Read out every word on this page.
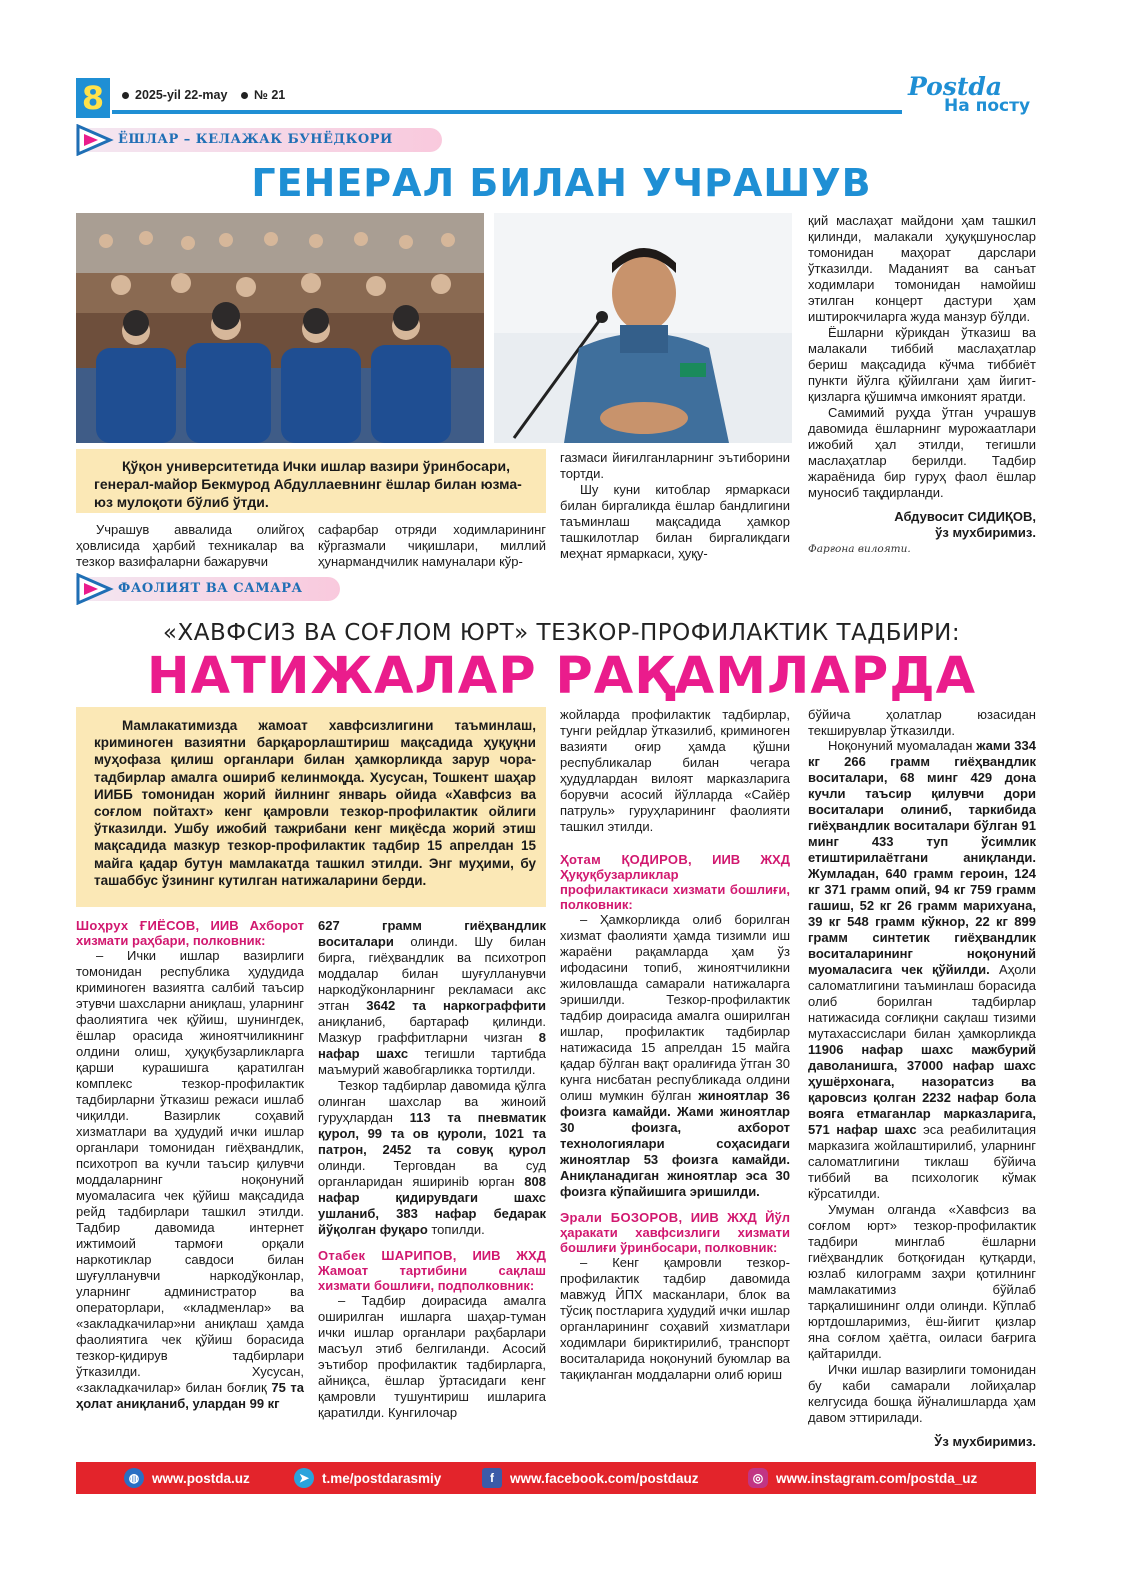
8	2025-yil 22-may № 21	Postda
На посту
ЁШЛАР – КЕЛАЖАК БУНЁДКОРИ
ГЕНЕРАЛ БИЛАН УЧРАШУВ
Қўқон университетида Ички ишлар вазири ўринбосари, генерал-майор Бекмурод Абдуллаевнинг ёшлар билан юзма-юз мулоқоти бўлиб ўтди.

Учрашув аввалида олийгоҳ ҳовлисида ҳарбий техникалар ва тезкор вазифаларни бажарувчи

сафарбар отряди ходимларининг кўргазмали чиқишлари, миллий ҳунармандчилик намуналари кўр-

газмаси йиғилганларнинг эътиборини тортди.

Шу куни китоблар ярмаркаси билан биргаликда ёшлар бандлигини таъминлаш мақсадида ҳамкор ташкилотлар билан биргаликдаги меҳнат ярмаркаси, ҳуқу-

қий маслаҳат майдони ҳам ташкил қилинди, малакали ҳуқуқшунослар томонидан маҳорат дарслари ўтказилди. Маданият ва санъат ходимлари томонидан намойиш этилган концерт дастури ҳам иштирокчиларга жуда манзур бўлди.

Ёшларни кўрикдан ўтказиш ва малакали тиббий маслаҳатлар бериш мақсадида кўчма тиббиёт пункти йўлга қўйилгани ҳам йигит-қизларга қўшимча имконият яратди.

Самимий руҳда ўтган учрашув давомида ёшларнинг мурожаатлари ижобий ҳал этилди, тегишли маслаҳатлар берилди. Тадбир жараёнида бир гуруҳ фаол ёшлар муносиб тақдирланди.

Абдувосит СИДИҚОВ,
ўз мухбиримиз.
Фарғона вилояти.
ФАОЛИЯТ ВА САМАРА
«ХАВФСИЗ ВА СОҒЛОМ ЮРТ» ТЕЗКОР-ПРОФИЛАКТИК ТАДБИРИ:
НАТИЖАЛАР РАҚАМЛАРДА
Мамлакатимизда жамоат хавфсизлигини таъминлаш, криминоген вазиятни барқарорлаштириш мақсадида ҳуқуқни муҳофаза қилиш органлари билан ҳамкорликда зарур чора-тадбирлар амалга ошириб келинмоқда. Хусусан, Тошкент шаҳар ИИББ томонидан жорий йилнинг январь ойида «Хавфсиз ва соғлом пойтахт» кенг қамровли тезкор-профилактик ойлиги ўтказилди. Ушбу ижобий тажрибани кенг миқёсда жорий этиш мақсадида мазкур тезкор-профилактик тадбир 15 апрелдан 15 майга қадар бутун мамлакатда ташкил этилди. Энг муҳими, бу ташаббус ўзининг кутилган натижаларини берди.

жойларда профилактик тадбирлар, тунги рейдлар ўтказилиб, криминоген вазияти оғир ҳамда қўшни республикалар билан чегара ҳудудлардан вилоят марказларига борувчи асосий йўлларда «Сайёр патруль» гуруҳларининг фаолияти ташкил этилди.

бўйича ҳолатлар юзасидан текширувлар ўтказилди.

Шоҳрух ҒИЁСОВ, ИИВ Ахборот хизмати раҳбари, полковник:

– Ички ишлар вазирлиги томонидан республика ҳудудида криминоген вазиятга салбий таъсир этувчи шахсларни аниқлаш, уларнинг фаолиятига чек қўйиш, шунингдек, ёшлар орасида жиноятчиликнинг олдини олиш, ҳуқуқбузарликларга қарши курашишга қаратилган комплекс тезкор-профилактик тадбирларни ўтказиш режаси ишлаб чиқилди. Вазирлик соҳавий хизматлари ва ҳудудий ички ишлар органлари томонидан гиёҳвандлик, психотроп ва кучли таъсир қилувчи моддаларнинг ноқонуний муомаласига чек қўйиш мақсадида рейд тадбирлари ташкил этилди. Тадбир давомида интернет ижтимоий тармоғи орқали наркотиклар савдоси билан шуғулланувчи наркодўконлар, уларнинг администратор ва операторлари, «кладменлар» ва «закладкачилар»ни аниқлаш ҳамда фаолиятига чек қўйиш борасида тезкор-қидирув тадбирлари ўтказилди. Хусусан, «закладкачилар» билан боғлиқ 75 та ҳолат аниқланиб, улардан 99 кг

627 грамм гиёҳвандлик воситалари олинди. Шу билан бирга, гиёҳвандлик ва психотроп моддалар билан шуғулланувчи наркодўконларнинг рекламаси акс этган 3642 та наркограффити аниқланиб, бартараф қилинди. Мазкур граффитларни чизган 8 нафар шахс тегишли тартибда маъмурий жавобгарликка тортилди.

Тезкор тадбирлар давомида қўлга олинган шахслар ва жиноий гуруҳлардан 113 та пневматик қурол, 99 та ов қуроли, 1021 та патрон, 2452 та совуқ қурол олинди. Терговдан ва суд органларидан яширинib юрган 808 нафар қидирувдаги шахс ушланиб, 383 нафар бедарак йўқолган фуқаро топилди.

Отабек ШАРИПОВ, ИИВ ЖХД Жамоат тартибини сақлаш хизмати бошлиғи, подполковник:

– Тадбир доирасида амалга оширилган ишларга шаҳар-туман ички ишлар органлари раҳбарлари масъул этиб белгиланди. Асосий эътибор профилактик тадбирларга, айниқса, ёшлар ўртасидаги кенг қамровли тушунтириш ишларига қаратилди. Кунгилочар

Ҳотам ҚОДИРОВ, ИИВ ЖХД Ҳуқуқбузарликлар профилактикаси хизмати бошлиғи, полковник:

– Ҳамкорликда олиб борилган хизмат фаолияти ҳамда тизимли иш жараёни рақамларда ҳам ўз ифодасини топиб, жиноятчиликни жиловлашда самарали натижаларга эришилди. Тезкор-профилактик тадбир доирасида амалга оширилган ишлар, профилактик тадбирлар натижасида 15 апрелдан 15 майга қадар бўлган вақт оралиғида ўтган 30 кунга нисбатан республикада олдини олиш мумкин бўлган жиноятлар 36 фоизга камайди. Жами жиноятлар 30 фоизга, ахборот технологиялари соҳасидаги жиноятлар 53 фоизга камайди. Аниқланадиган жиноятлар эса 30 фоизга кўпайишига эришилди.

Эрали БОЗОРОВ, ИИВ ЖХД Йўл ҳаракати хавфсизлиги хизмати бошлиғи ўринбосари, полковник:

– Кенг қамровли тезкор-профилактик тадбир давомида мавжуд ЙПХ масканлари, блок ва тўсиқ постларига ҳудудий ички ишлар органларининг соҳавий хизматлари ходимлари бириктирилиб, транспорт воситаларида ноқонуний буюмлар ва тақиқланган моддаларни олиб юриш

Ноқонуний муомаладан жами 334 кг 266 грамм гиёҳвандлик воситалари, 68 минг 429 дона кучли таъсир қилувчи дори воситалари олиниб, таркибида гиёҳвандлик воситалари бўлган 91 минг 433 туп ўсимлик етиштирилаётгани аниқланди. Жумладан, 640 грамм героин, 124 кг 371 грамм опий, 94 кг 759 грамм гашиш, 52 кг 26 грамм марихуана, 39 кг 548 грамм кўкнор, 22 кг 899 грамм синтетик гиёҳвандлик воситаларининг ноқонуний муомаласига чек қўйилди. Аҳоли саломатлигини таъминлаш борасида олиб борилган тадбирлар натижасида соғлиқни сақлаш тизими мутахассислари билан ҳамкорликда 11906 нафар шахс мажбурий даволанишга, 37000 нафар шахс ҳушёрхонага, назоратсиз ва қаровсиз қолган 2232 нафар бола вояга етмаганлар марказларига, 571 нафар шахс эса реабилитация марказига жойлаштирилиб, уларнинг саломатлигини тиклаш бўйича тиббий ва психологик кўмак кўрсатилди.

Умуман олганда «Хавфсиз ва соғлом юрт» тезкор-профилактик тадбири минглаб ёшларни гиёҳвандлик ботқоғидан қутқарди, юзлаб килограмм заҳри қотилнинг мамлакатимиз бўйлаб тарқалишининг олди олинди. Кўплаб юртдошларимиз, ёш-йигит қизлар яна соғлом ҳаётга, оилаcи бағрига қайтарилди.

Ички ишлар вазирлиги томонидан бу каби самарали лойиҳалар келгусида бошқа йўналишларда ҳам давом эттирилади.

Ўз мухбиримиз.
◍ www.postda.uz	➤ t.me/postdarasmiy	f	www.facebook.com/postdauz	◎ www.instagram.com/postda_uz
